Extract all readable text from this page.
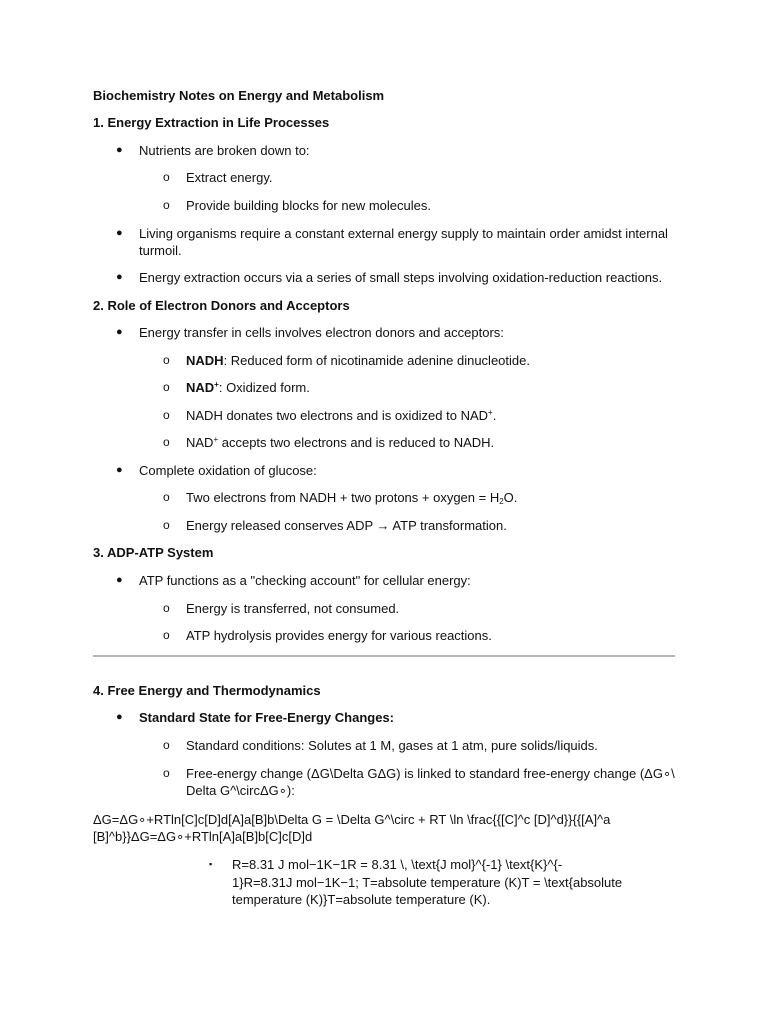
Biochemistry Notes on Energy and Metabolism
1. Energy Extraction in Life Processes
● Nutrients are broken down to:
o Extract energy.
o Provide building blocks for new molecules.
● Living organisms require a constant external energy supply to maintain order amidst internal
turmoil.
● Energy extraction occurs via a series of small steps involving oxidation-reduction reactions.
2. Role of Electron Donors and Acceptors
● Energy transfer in cells involves electron donors and acceptors:
o NADH: Reduced form of nicotinamide adenine dinucleotide.
o NAD+: Oxidized form.
o NADH donates two electrons and is oxidized to NAD+.
o NAD+ accepts two electrons and is reduced to NADH.
● Complete oxidation of glucose:
o Two electrons from NADH + two protons + oxygen = $H_2O$.
o Energy released conserves ADP → ATP transformation.
3. ADP-ATP System
● ATP functions as a "checking account" for cellular energy:
o Energy is transferred, not consumed.
o ATP hydrolysis provides energy for various reactions.
4. Free Energy and Thermodynamics
● Standard State for Free-Energy Changes:
o Standard conditions: Solutes at 1 M, gases at 1 atm, pure solids/liquids.
o Free-energy change (ΔG\Delta GΔG) is linked to standard free-energy change (ΔG∘\
Delta G^\circΔG∘):
ΔG=ΔG∘+RTln[C]c[D]d[A]a[B]b\Delta G = \Delta G^\circ + RT \ln \frac{{[C]^c [D]^d}}{{[A]^a
[B]^b}}ΔG=ΔG∘+RTln[A]a[B]b[C]c[D]d
▪ R=8.31 J mol−1K−1R = 8.31 \, \text{J mol}^{-1} \text{K}^{-
1}R=8.31J mol−1K−1; T=absolute temperature (K)T = \text{absolute
temperature (K)}T=absolute temperature (K).
